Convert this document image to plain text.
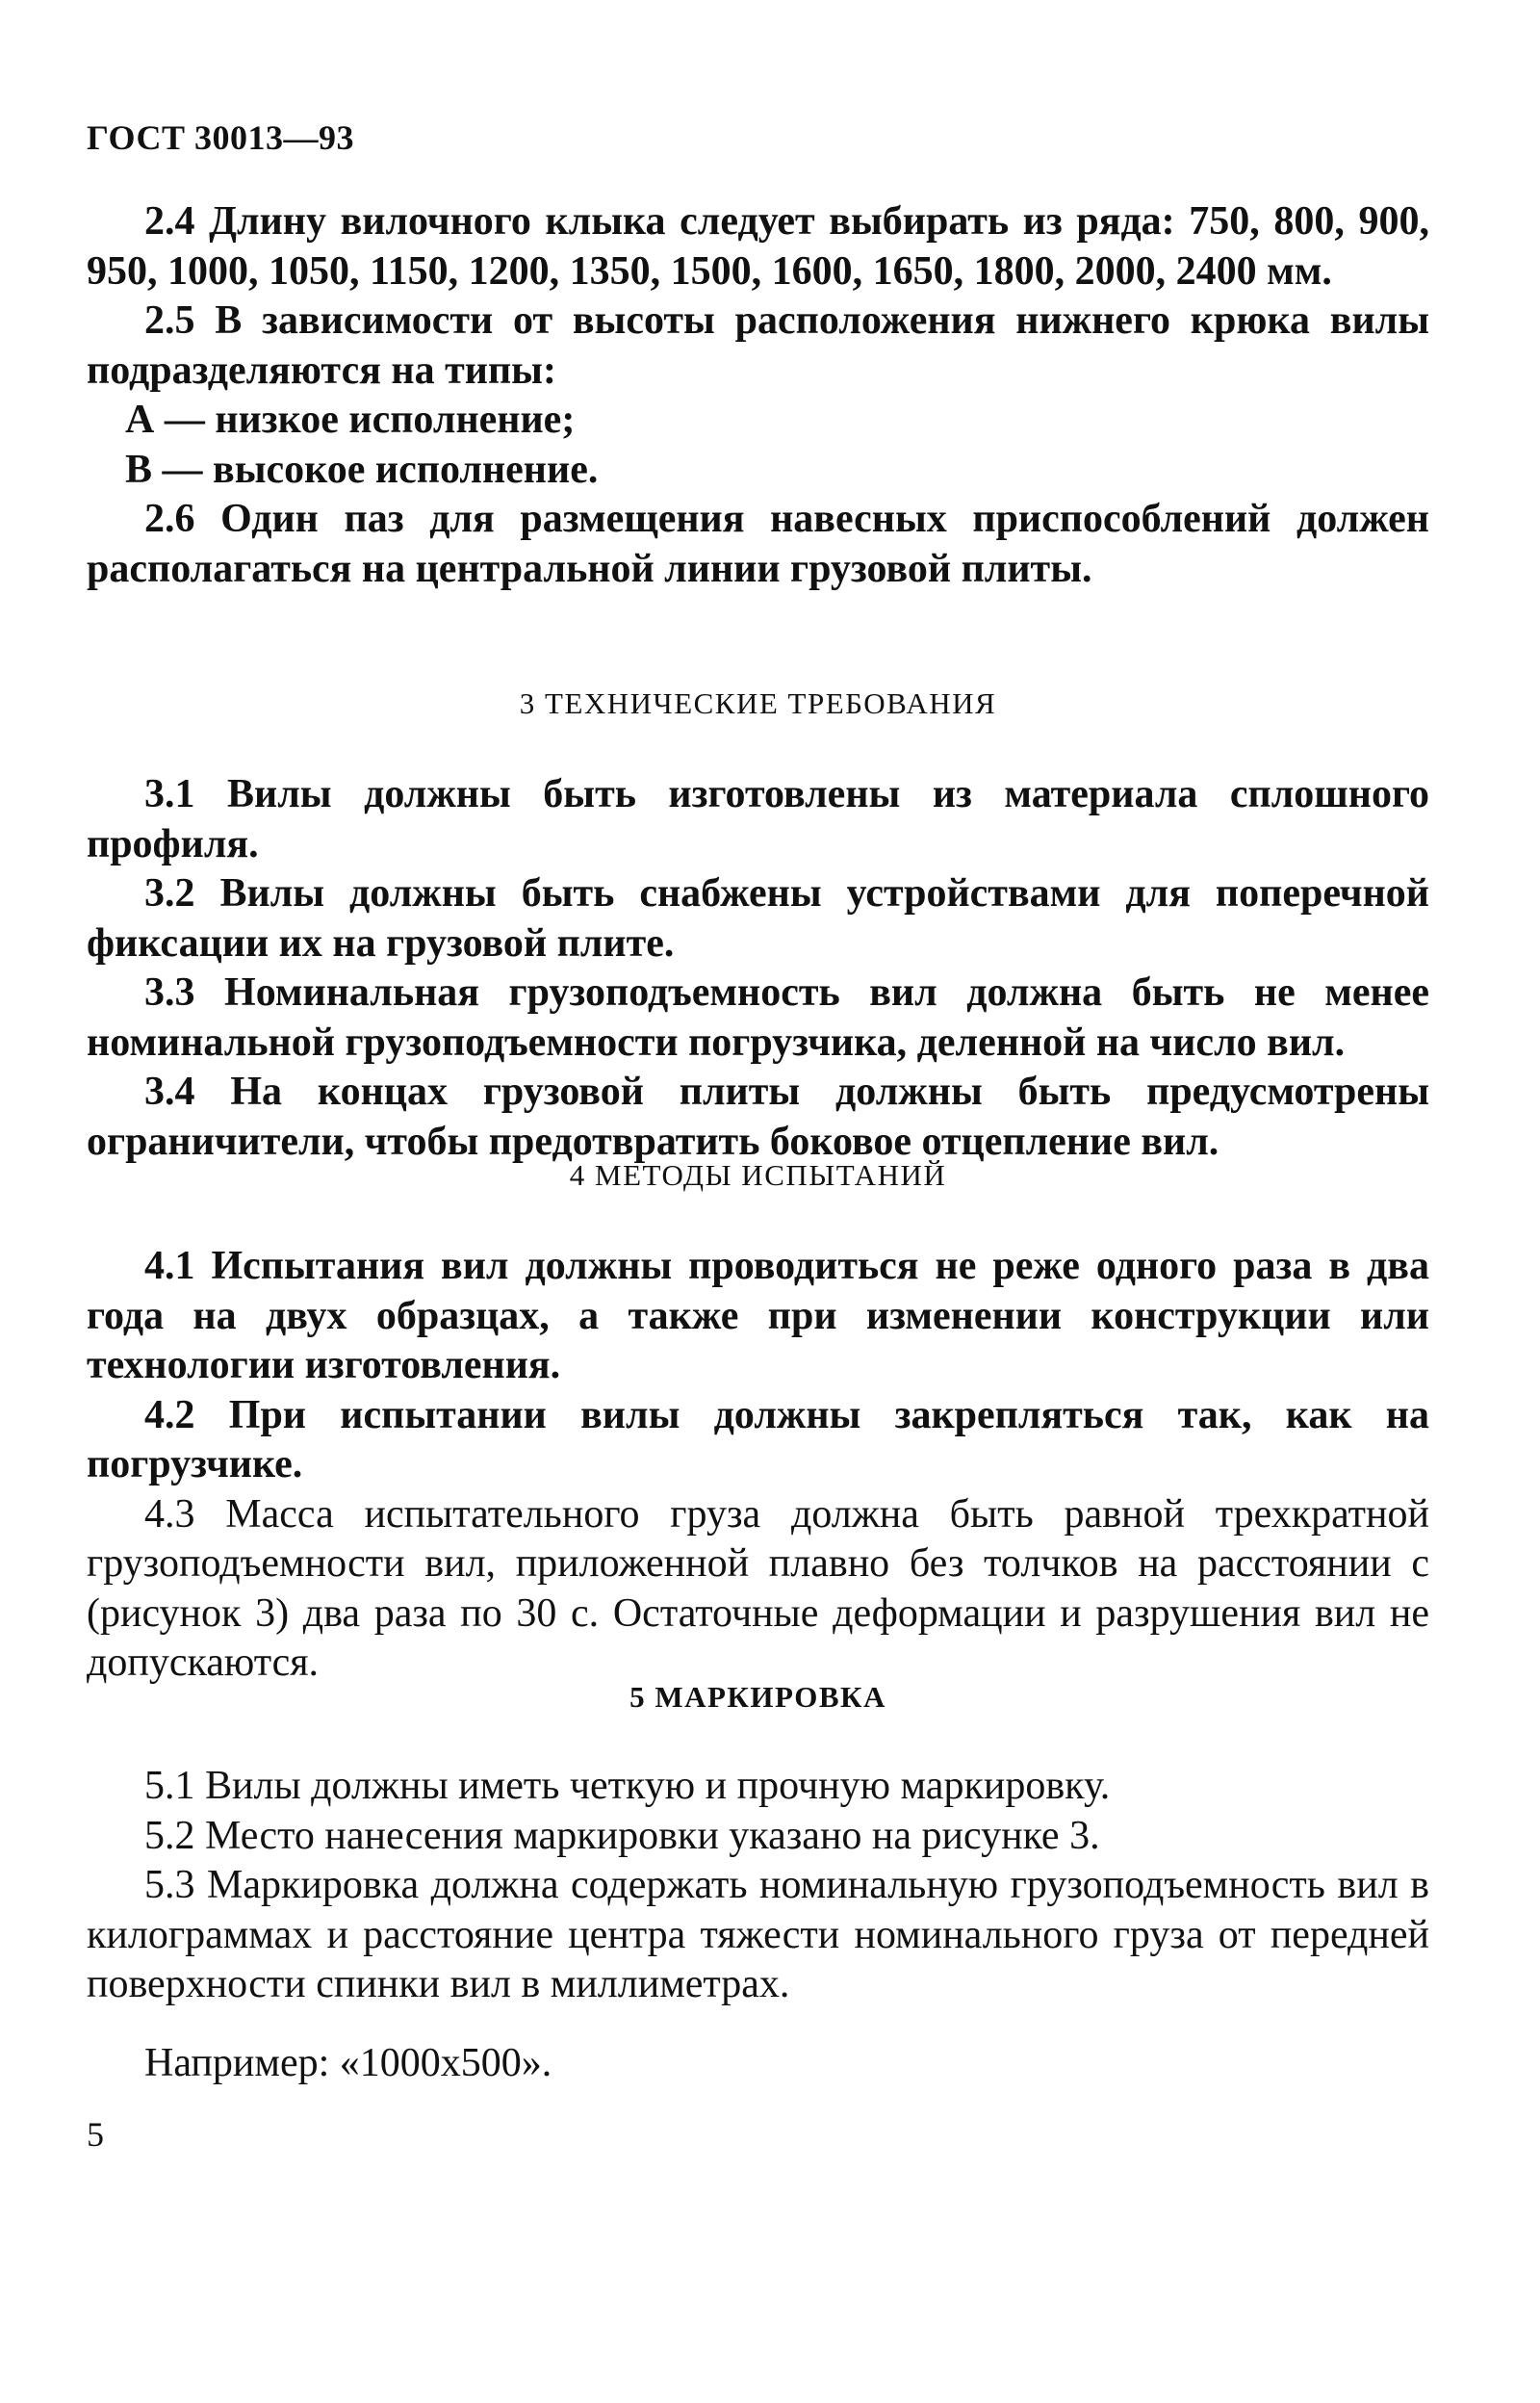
ГОСТ 30013—93

2.4 Длину вилочного клыка следует выбирать из ряда: 750, 800, 900, 950, 1000, 1050, 1150, 1200, 1350, 1500, 1600, 1650, 1800, 2000, 2400 мм.

2.5 В зависимости от высоты расположения нижнего крюка вилы подразделяются на типы:

А — низкое исполнение;

В — высокое исполнение.

2.6 Один паз для размещения навесных приспособлений должен располагаться на центральной линии грузовой плиты.

3 ТЕХНИЧЕСКИЕ ТРЕБОВАНИЯ

3.1 Вилы должны быть изготовлены из материала сплошного профиля.

3.2 Вилы должны быть снабжены устройствами для поперечной фиксации их на грузовой плите.

3.3 Номинальная грузоподъемность вил должна быть не менее номинальной грузоподъемности погрузчика, деленной на число вил.

3.4 На концах грузовой плиты должны быть предусмотрены ограничители, чтобы предотвратить боковое отцепление вил.

4 МЕТОДЫ ИСПЫТАНИЙ

4.1 Испытания вил должны проводиться не реже одного раза в два года на двух образцах, а также при изменении конструкции или технологии изготовления.

4.2 При испытании вилы должны закрепляться так, как на погрузчике.

4.3 Масса испытательного груза должна быть равной трехкратной грузоподъемности вил, приложенной плавно без толчков на расстоянии с (рисунок 3) два раза по 30 с. Остаточные деформации и разрушения вил не допускаются.

5 МАРКИРОВКА

5.1 Вилы должны иметь четкую и прочную маркировку.

5.2 Место нанесения маркировки указано на рисунке 3.

5.3 Маркировка должна содержать номинальную грузоподъемность вил в килограммах и расстояние центра тяжести номинального груза от передней поверхности спинки вил в миллиметрах.

Например: «1000х500».

5
